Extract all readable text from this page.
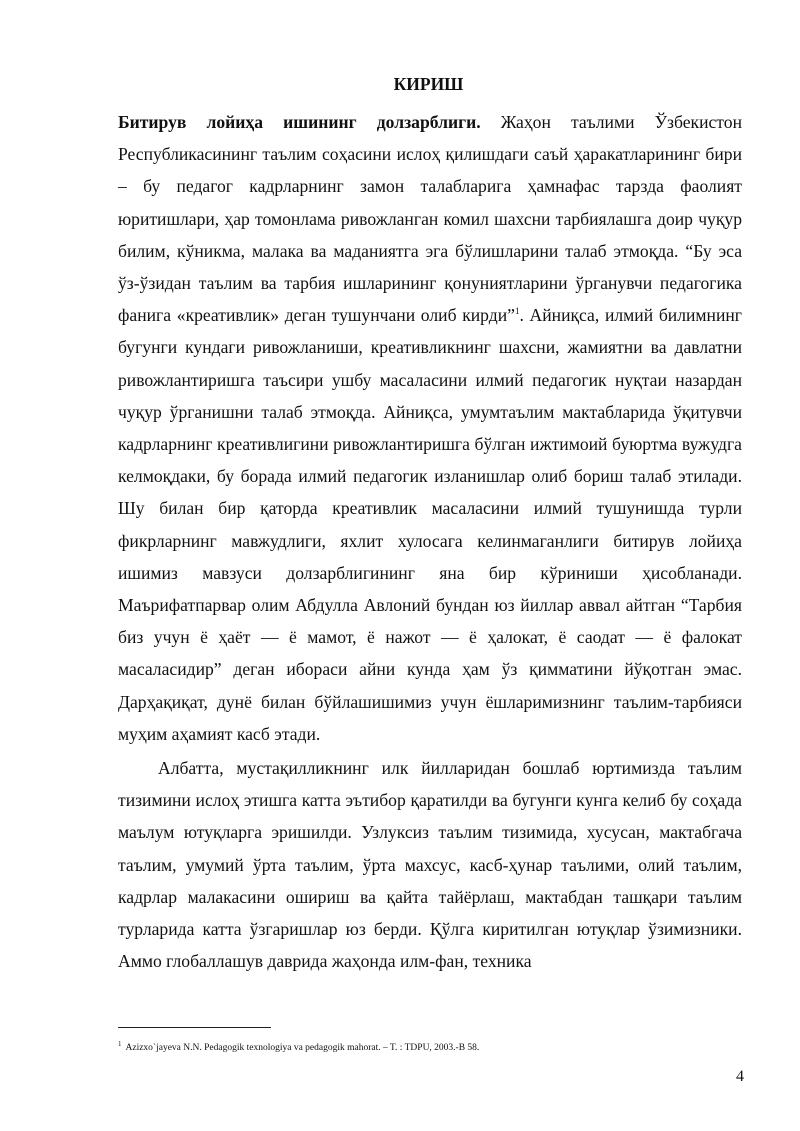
КИРИШ

Битирув лойиҳа ишининг долзарблиги. Жаҳон таълими Ўзбекистон Республикасининг таълим соҳасини ислоҳ қилишдаги саъй ҳаракатларининг бири – бу педагог кадрларнинг замон талабларига ҳамнафас тарзда фаолият юритишлари, ҳар томонлама ривожланган комил шахсни тарбиялашга доир чуқур билим, кўникма, малака ва маданиятга эга бўлишларини талаб этмоқда. “Бу эса ўз-ўзидан таълим ва тарбия ишларининг қонуниятларини ўрганувчи педагогика фанига «креативлик» деган тушунчани олиб кирди”$^1$. Айниқса, илмий билимнинг бугунги кундаги ривожланиши, креативликнинг шахсни, жамиятни ва давлатни ривожлантиришга таъсири ушбу масаласини илмий педагогик нуқтаи назардан чуқур ўрганишни талаб этмоқда. Айниқса, умумтаълим мактабларида ўқитувчи кадрларнинг креативлигини ривожлантиришга бўлган ижтимоий буюртма вужудга келмоқдаки, бу борада илмий педагогик изланишлар олиб бориш талаб этилади. Шу билан бир қаторда креативлик масаласини илмий тушунишда турли фикрларнинг мавжудлиги, яхлит хулосага келинмаганлиги битирув лойиҳа ишимиз мавзуси долзарблигининг яна бир кўриниши ҳисобланади. Маърифатпарвар олим Абдулла Авлоний бундан юз йиллар аввал айтган “Тарбия биз учун ё ҳаёт — ё мамот, ё нажот — ё ҳалокат, ё саодат — ё фалокат масаласидир” деган ибораси айни кунда ҳам ўз қимматини йўқотган эмас. Дарҳақиқат, дунё билан бўйлашишимиз учун ёшларимизнинг таълим-тарбияси муҳим аҳамият касб этади.

Албатта, мустақилликнинг илк йилларидан бошлаб юртимизда таълим тизимини ислоҳ этишга катта эътибор қаратилди ва бугунги кунга келиб бу соҳада маълум ютуқларга эришилди. Узлуксиз таълим тизимида, хусусан, мактабгача таълим, умумий ўрта таълим, ўрта махсус, касб-ҳунар таълими, олий таълим, кадрлар малакасини ошириш ва қайта тайёрлаш, мактабдан ташқари таълим турларида катта ўзгаришлар юз берди. Қўлга киритилган ютуқлар ўзимизники. Аммо глобаллашув даврида жаҳонда илм-фан, техника

$^1$ Azizxo`jayeva N.N. Pedagogik texnologiya va pedagogik mahorat. – T. : TDPU, 2003.-B 58.
4
